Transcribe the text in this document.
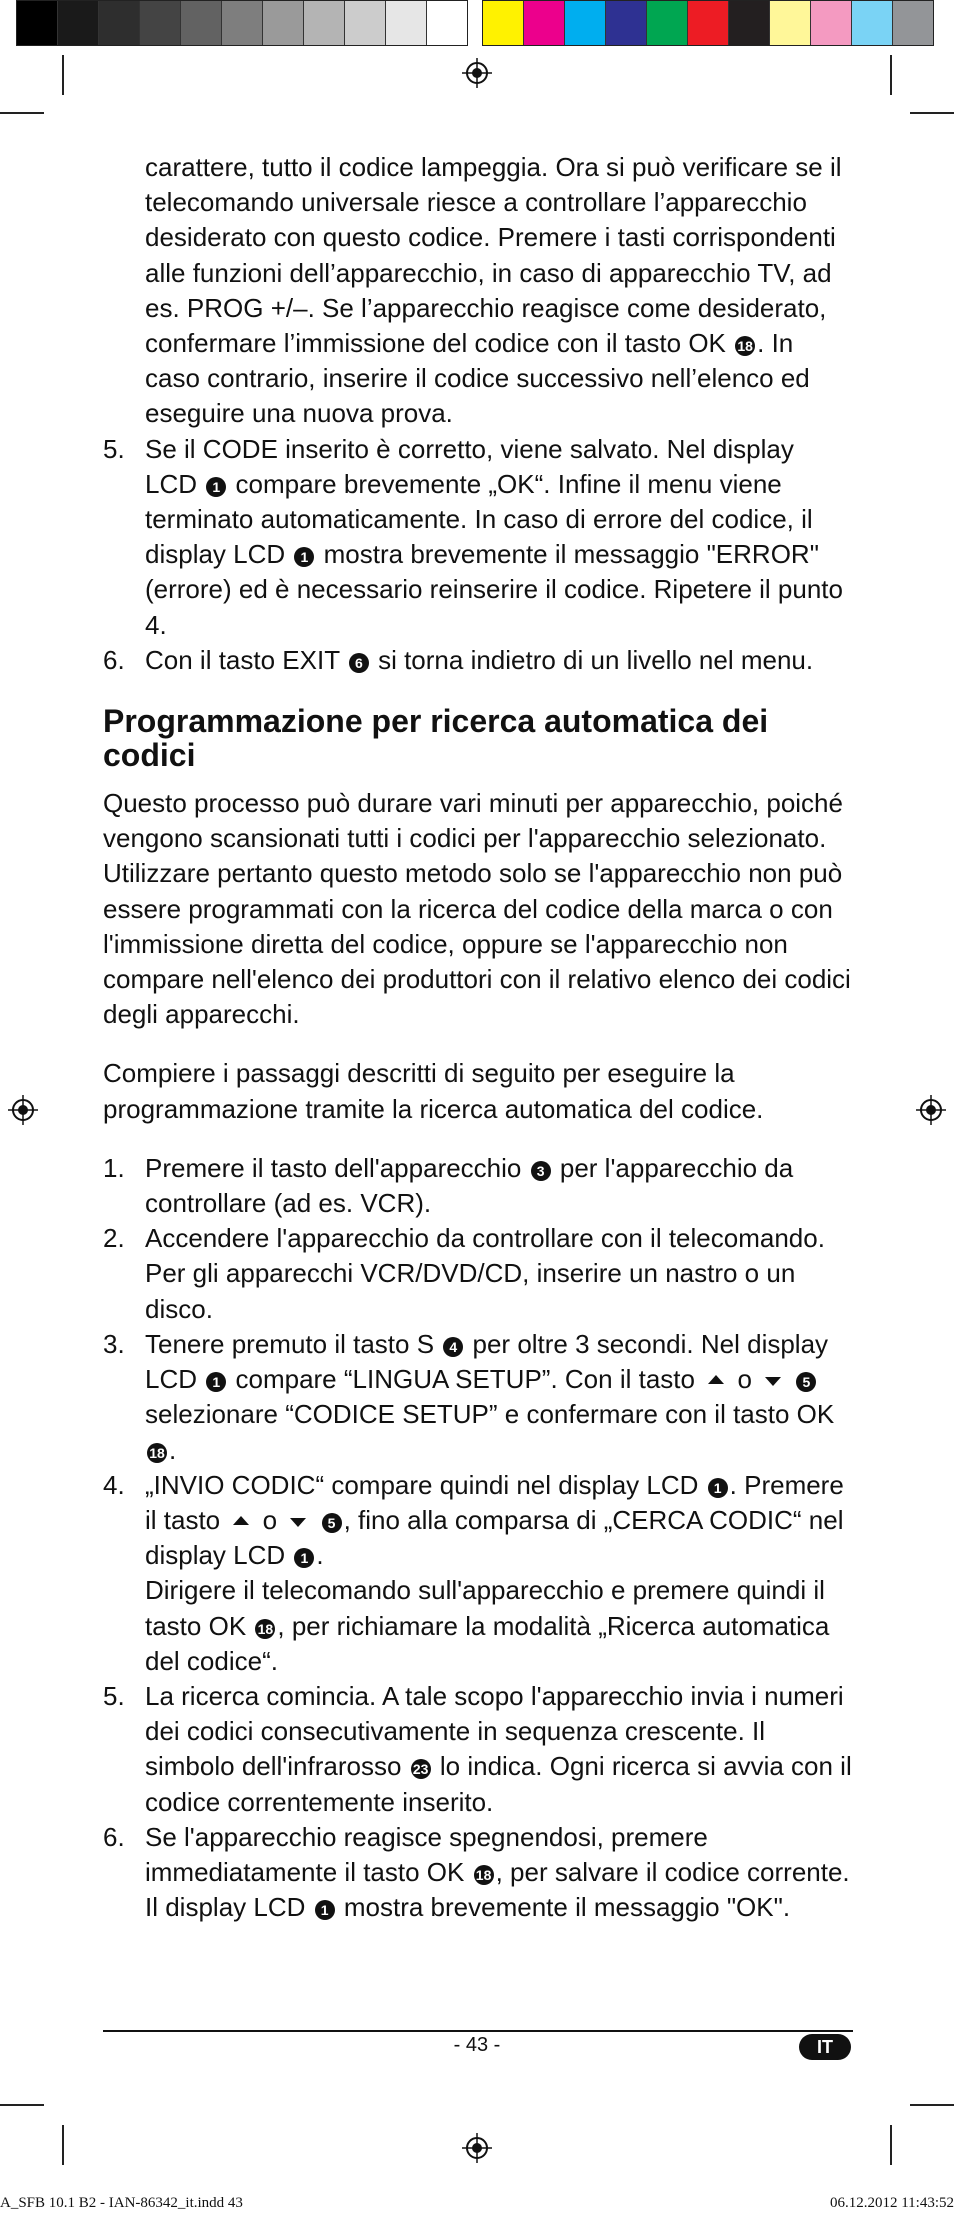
carattere, tutto il codice lampeggia. Ora si può verificare se il telecomando universale riesce a controllare l’apparecchio desiderato con questo codice. Premere i tasti corrispondenti alle funzioni dell’apparecchio, in caso di apparecchio TV, ad es. PROG +/–. Se l’apparecchio reagisce come desiderato, confermare l’immissione del codice con il tasto OK 18 . In caso contrario, inserire il codice successivo nell’elenco ed eseguire una nuova prova.

5. Se il CODE inserito è corretto, viene salvato. Nel display LCD 1 compare brevemente „OK“. Infine il menu viene terminato automaticamente. In caso di errore del codice, il display LCD 1 mostra brevemente il messaggio "ERROR" (errore) ed è necessario reinserire il codice. Ripetere il punto 4.
6. Con il tasto EXIT 6 si torna indietro di un livello nel menu.
Programmazione per ricerca automatica dei codici

Questo processo può durare vari minuti per apparecchio, poiché vengono scansionati tutti i codici per l'apparecchio selezionato. Utilizzare pertanto questo metodo solo se l'apparecchio non può essere programmati con la ricerca del codice della marca o con l'immissione diretta del codice, oppure se l'apparecchio non compare nell'elenco dei produttori con il relativo elenco dei codici degli apparecchi.

Compiere i passaggi descritti di seguito per eseguire la programmazione tramite la ricerca automatica del codice.

1. Premere il tasto dell'apparecchio 3 per l'apparecchio da controllare (ad es. VCR).
2. Accendere l'apparecchio da controllare con il telecomando. Per gli apparecchi VCR/DVD/CD, inserire un nastro o un disco.
3. Tenere premuto il tasto S 4 per oltre 3 secondi. Nel display LCD 1 compare “LINGUA SETUP”. Con il tasto o	5 selezionare “CODICE SETUP” e confermare con il tasto OK 18 .
4. „INVIO CODIC“ compare quindi nel display LCD 1 . Premere il tasto o	5 , fino alla comparsa di „CERCA CODIC“ nel display LCD 1 .

Dirigere il telecomando sull'apparecchio e premere quindi il tasto OK 18 , per richiamare la modalità „Ricerca automatica del codice“.

5. La ricerca comincia. A tale scopo l'apparecchio invia i numeri dei codici consecutivamente in sequenza crescente. Il simbolo dell'infrarosso 23 lo indica. Ogni ricerca si avvia con il codice correntemente inserito.
6. Se l'apparecchio reagisce spegnendosi, premere immediatamente il tasto OK 18 , per salvare il codice corrente. Il display LCD 1 mostra brevemente il messaggio "OK".
- 43 -	IT
A_SFB 10.1 B2 - IAN-86342_it.indd 43	06.12.2012 11:43:52
